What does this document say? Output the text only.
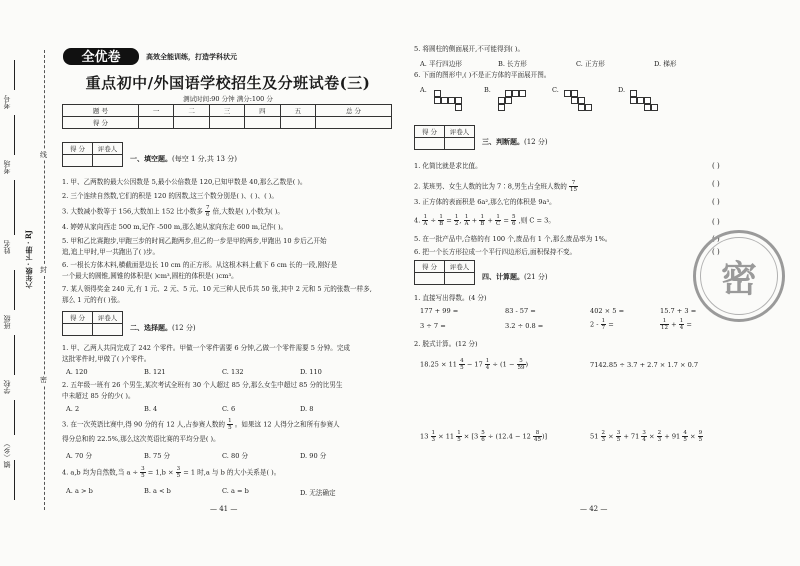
考号
考场
姓名 六年级 · 下册 · RJ
班级
学校
镇（乡）
线
封
密
全优卷	高效全能训练，打造学科状元
重点初中/外国语学校招生及分班试卷(三)
测试时间:90 分钟 满分:100 分
题 号	一	二	三	四	五	总 分
得 分						
得 分	评卷人

一、填空题。(每空 1 分,共 13 分)
1. 甲、乙两数的最大公因数是 5,最小公倍数是 120,已知甲数是 40,那么乙数是( )。
2. 三个连续自然数,它们的积是 120 的因数,这三个数分别是( )、( )、( )。
3. 大数减小数等于 156,大数加上 152 比小数多 $\frac{7}{6}$ 倍,大数是( ),小数为( )。
4. 婷婷从家向西走 500 m,记作 -500 m,那么她从家向东走 600 m,记作( )。
5. 甲和乙比赛跑步,甲跑三步的时间乙跑两步,但乙的一步是甲的两步,甲跑出 10 步后乙开始
追,追上甲时,甲一共跑出了( )步。
6. 一根长方体木料,横截面是边长 10 cm 的正方形。从这根木料上截下 6 cm 长的一段,刚好是
一个最大的圆锥,圆锥的体积是( )cm³,圆柱的体积是( )cm³。
7. 某人领得奖金 240 元,有 1 元、2 元、5 元、10 元三种人民币共 50 张,其中 2 元和 5 元的张数一样多,
那么 1 元的有( )张。
得 分	评卷人

二、选择题。(12 分)
1. 甲、乙两人共同完成了 242 个零件。甲做一个零件需要 6 分钟,乙做一个零件需要 5 分钟。完成
这批零件时,甲做了( )个零件。
A. 120	B. 121	C. 132	D. 110
2. 五年级一班有 26 个男生,某次考试全班有 30 个人超过 85 分,那么女生中超过 85 分的比男生
中未超过 85 分的少( )。
A. 2	B. 4	C. 6	D. 8
3. 在一次英语比赛中,得 90 分的有 12 人,占参赛人数的 $\frac{1}{5}$ 。如果这 12 人得分之和所有参赛人
得分总和的 22.5%,那么这次英语比赛的平均分是( )。
A. 70 分	B. 75 分	C. 80 分	D. 90 分
4. a,b 均为自然数,当 $a \div \frac{3}{5} = 1,b \times \frac{3}{5} = 1$ 时,a 与 b 的大小关系是( )。
A. a > b	B. a < b	C. a = b	D. 无法确定
— 41 —
5. 将圆柱的侧面展开,不可能得到( )。
A. 平行四边形	B. 长方形	C. 正方形	D. 梯形
6. 下面的图形中,( )不是正方体的平面展开图。
A.	B.	C.	D.
得 分	评卷人

三、判断题。(12 分)
1. 化简比就是求比值。	( )
2. 某班男、女生人数的比为 7∶8,男生占全班人数的 $\frac{7}{15}$	( )
3. 正方体的表面积是 6a²,那么它的体积是 9a³。	( )
4. $\frac{1}{A} \div \frac{1}{B} = \frac{1}{2}$ , $\frac{1}{A} + \frac{1}{B} + \frac{1}{C} = \frac{5}{6}$ ,则 C = 3。	( )
5. 在一批产品中,合格的有 100 个,废品有 1 个,那么废品率为 1%。	( )
6. 把一个长方形拉成一个平行四边形后,面积保持不变。	( )
得 分	评卷人

四、计算题。(21 分)
1. 直接写出得数。(4 分)
177 + 99 =	83 - 57 =	402 × 5 =	15.7 + 3 =
3 ÷ 7 =	3.2 ÷ 0.8 =	$2 - \frac{1}{7}$ =	$\frac{1}{12} + \frac{1}{4}$ =
2. 脱式计算。(12 分)
$18.25 \times 11 \frac{4}{5} - 17 \frac{1}{4} \div (1 - \frac{5}{59}$ )	7142.85 ÷ 3.7 + 2.7 × 1.7 × 0.7
$13 \frac{1}{3} \times 11 \frac{1}{5} \times [3 \frac{5}{6} \div (12.4 - 12 \frac{8}{45}$ )]	$51 \frac{2}{3} \times \frac{3}{5} + 71 \frac{3}{4} \times \frac{2}{3} + 91 \frac{4}{5} \times \frac{9}{5}$
— 42 —
密
